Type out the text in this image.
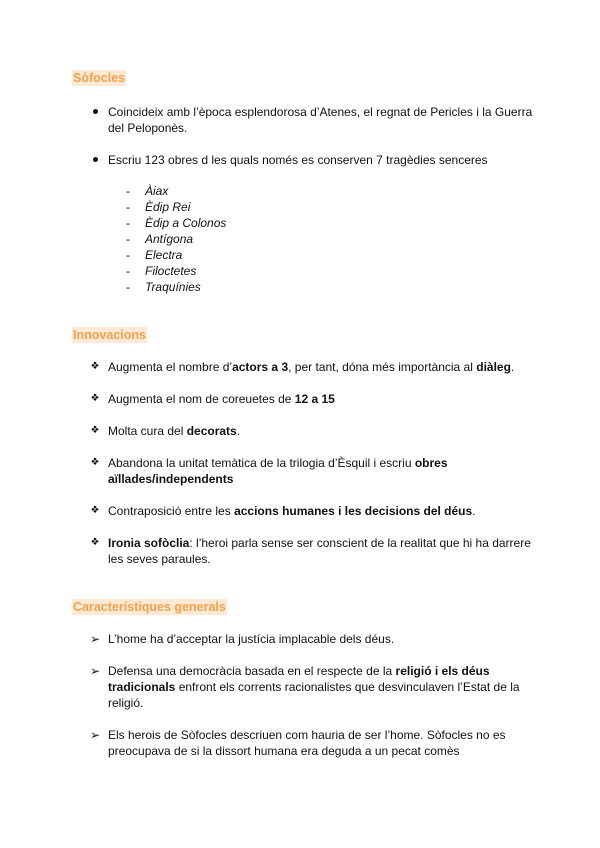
Sòfocles
Coincideix amb l’època esplendorosa d’Atenes, el regnat de Pericles i la Guerra del Peloponès.
Escriu 123 obres d les quals només es conserven 7 tragèdies senceres
- Àiax
- Èdip Rei
- Èdip a Colonos
- Antígona
- Electra
- Filoctetes
- Traquínies
Innovacions
❖ Augmenta el nombre d’actors a 3, per tant, dóna més importància al diàleg.
❖ Augmenta el nom de coreuetes de 12 a 15
❖ Molta cura del decorats.
❖ Abandona la unitat temàtica de la trilogia d’Èsquil i escriu obres aïllades/independents
❖ Contraposició entre les accions humanes i les decisions del déus.
❖ Ironia sofòclia: l’heroi parla sense ser conscient de la realitat que hi ha darrere les seves paraules.
Característiques generals
➢ L’home ha d’acceptar la justícia implacable dels déus.
➢ Defensa una democràcia basada en el respecte de la religió i els déus tradicionals enfront els corrents racionalistes que desvinculaven l’Estat de la religió.
➢ Els herois de Sòfocles descriuen com hauria de ser l’home. Sòfocles no es preocupava de si la dissort humana era deguda a un pecat comès
